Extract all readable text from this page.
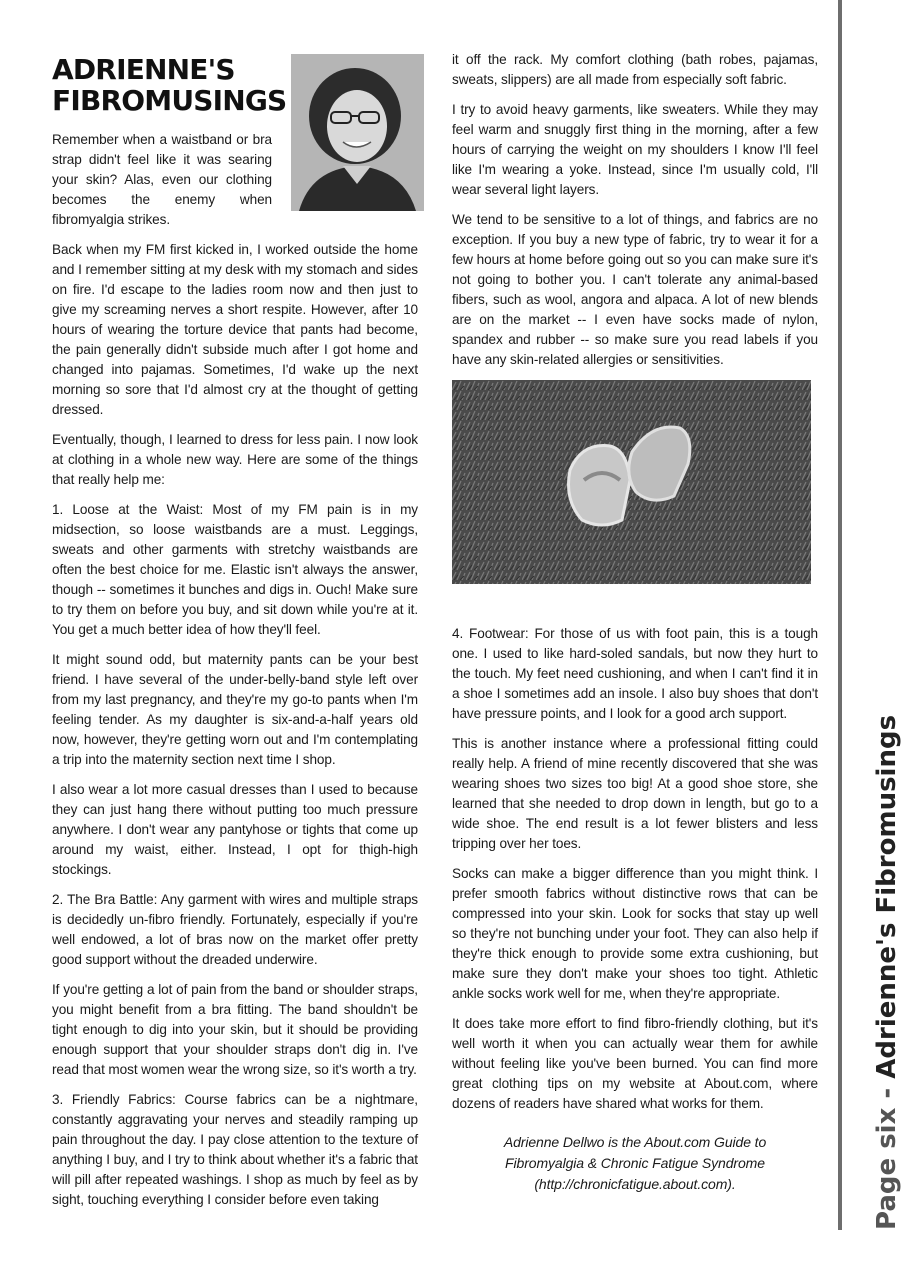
ADRIENNE'S FIBROMUSINGS

Remember when a waistband or bra strap didn't feel like it was searing your skin? Alas, even our clothing becomes the enemy when fibromyalgia strikes.

Back when my FM first kicked in, I worked outside the home and I remember sitting at my desk with my stomach and sides on fire. I'd escape to the ladies room now and then just to give my screaming nerves a short respite. However, after 10 hours of wearing the torture device that pants had become, the pain generally didn't subside much after I got home and changed into pajamas. Sometimes, I'd wake up the next morning so sore that I'd almost cry at the thought of getting dressed.

Eventually, though, I learned to dress for less pain. I now look at clothing in a whole new way. Here are some of the things that really help me:

1. Loose at the Waist: Most of my FM pain is in my midsection, so loose waistbands are a must. Leggings, sweats and other garments with stretchy waistbands are often the best choice for me. Elastic isn't always the answer, though -- sometimes it bunches and digs in. Ouch! Make sure to try them on before you buy, and sit down while you're at it. You get a much better idea of how they'll feel.

It might sound odd, but maternity pants can be your best friend. I have several of the under-belly-band style left over from my last pregnancy, and they're my go-to pants when I'm feeling tender. As my daughter is six-and-a-half years old now, however, they're getting worn out and I'm contemplating a trip into the maternity section next time I shop.

I also wear a lot more casual dresses than I used to because they can just hang there without putting too much pressure anywhere. I don't wear any pantyhose or tights that come up around my waist, either. Instead, I opt for thigh-high stockings.

2. The Bra Battle: Any garment with wires and multiple straps is decidedly un-fibro friendly. Fortunately, especially if you're well endowed, a lot of bras now on the market offer pretty good support without the dreaded underwire.

If you're getting a lot of pain from the band or shoulder straps, you might benefit from a bra fitting. The band shouldn't be tight enough to dig into your skin, but it should be providing enough support that your shoulder straps don't dig in. I've read that most women wear the wrong size, so it's worth a try.

3. Friendly Fabrics: Course fabrics can be a nightmare, constantly aggravating your nerves and steadily ramping up pain throughout the day. I pay close attention to the texture of anything I buy, and I try to think about whether it's a fabric that will pill after repeated washings. I shop as much by feel as by sight, touching everything I consider before even taking

it off the rack. My comfort clothing (bath robes, pajamas, sweats, slippers) are all made from especially soft fabric.

I try to avoid heavy garments, like sweaters. While they may feel warm and snuggly first thing in the morning, after a few hours of carrying the weight on my shoulders I know I'll feel like I'm wearing a yoke. Instead, since I'm usually cold, I'll wear several light layers.

We tend to be sensitive to a lot of things, and fabrics are no exception. If you buy a new type of fabric, try to wear it for a few hours at home before going out so you can make sure it's not going to bother you. I can't tolerate any animal-based fibers, such as wool, angora and alpaca. A lot of new blends are on the market -- I even have socks made of nylon, spandex and rubber -- so make sure you read labels if you have any skin-related allergies or sensitivities.

4. Footwear: For those of us with foot pain, this is a tough one. I used to like hard-soled sandals, but now they hurt to the touch. My feet need cushioning, and when I can't find it in a shoe I sometimes add an insole. I also buy shoes that don't have pressure points, and I look for a good arch support.

This is another instance where a professional fitting could really help. A friend of mine recently discovered that she was wearing shoes two sizes too big! At a good shoe store, she learned that she needed to drop down in length, but go to a wide shoe. The end result is a lot fewer blisters and less tripping over her toes.

Socks can make a bigger difference than you might think. I prefer smooth fabrics without distinctive rows that can be compressed into your skin. Look for socks that stay up well so they're not bunching under your foot. They can also help if they're thick enough to provide some extra cushioning, but make sure they don't make your shoes too tight. Athletic ankle socks work well for me, when they're appropriate.

It does take more effort to find fibro-friendly clothing, but it's well worth it when you can actually wear them for awhile without feeling like you've been burned. You can find more great clothing tips on my website at About.com, where dozens of readers have shared what works for them.

Adrienne Dellwo is the About.com Guide to
Fibromyalgia & Chronic Fatigue Syndrome
(http://chronicfatigue.about.com).	Page six - Adrienne's Fibromusings
